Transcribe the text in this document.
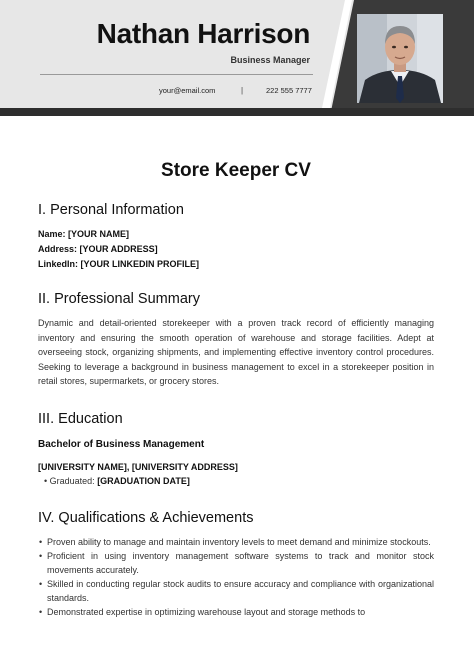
Nathan Harrison
Business Manager
your@email.com	|	222 555 7777
Store Keeper CV
I. Personal Information
Name: [YOUR NAME]
Address: [YOUR ADDRESS]
LinkedIn: [YOUR LINKEDIN PROFILE]
II. Professional Summary

Dynamic and detail-oriented storekeeper with a proven track record of efficiently managing inventory and ensuring the smooth operation of warehouse and storage facilities. Adept at overseeing stock, organizing shipments, and implementing effective inventory control procedures. Seeking to leverage a background in business management to excel in a storekeeper position in retail stores, supermarkets, or grocery stores.

III. Education
Bachelor of Business Management
[UNIVERSITY NAME], [UNIVERSITY ADDRESS]
• Graduated: [GRADUATION DATE]
IV. Qualifications & Achievements
• Proven ability to manage and maintain inventory levels to meet demand and minimize stockouts.
• Proficient in using inventory management software systems to track and monitor stock movements accurately.
• Skilled in conducting regular stock audits to ensure accuracy and compliance with organizational standards.
• Demonstrated expertise in optimizing warehouse layout and storage methods to
